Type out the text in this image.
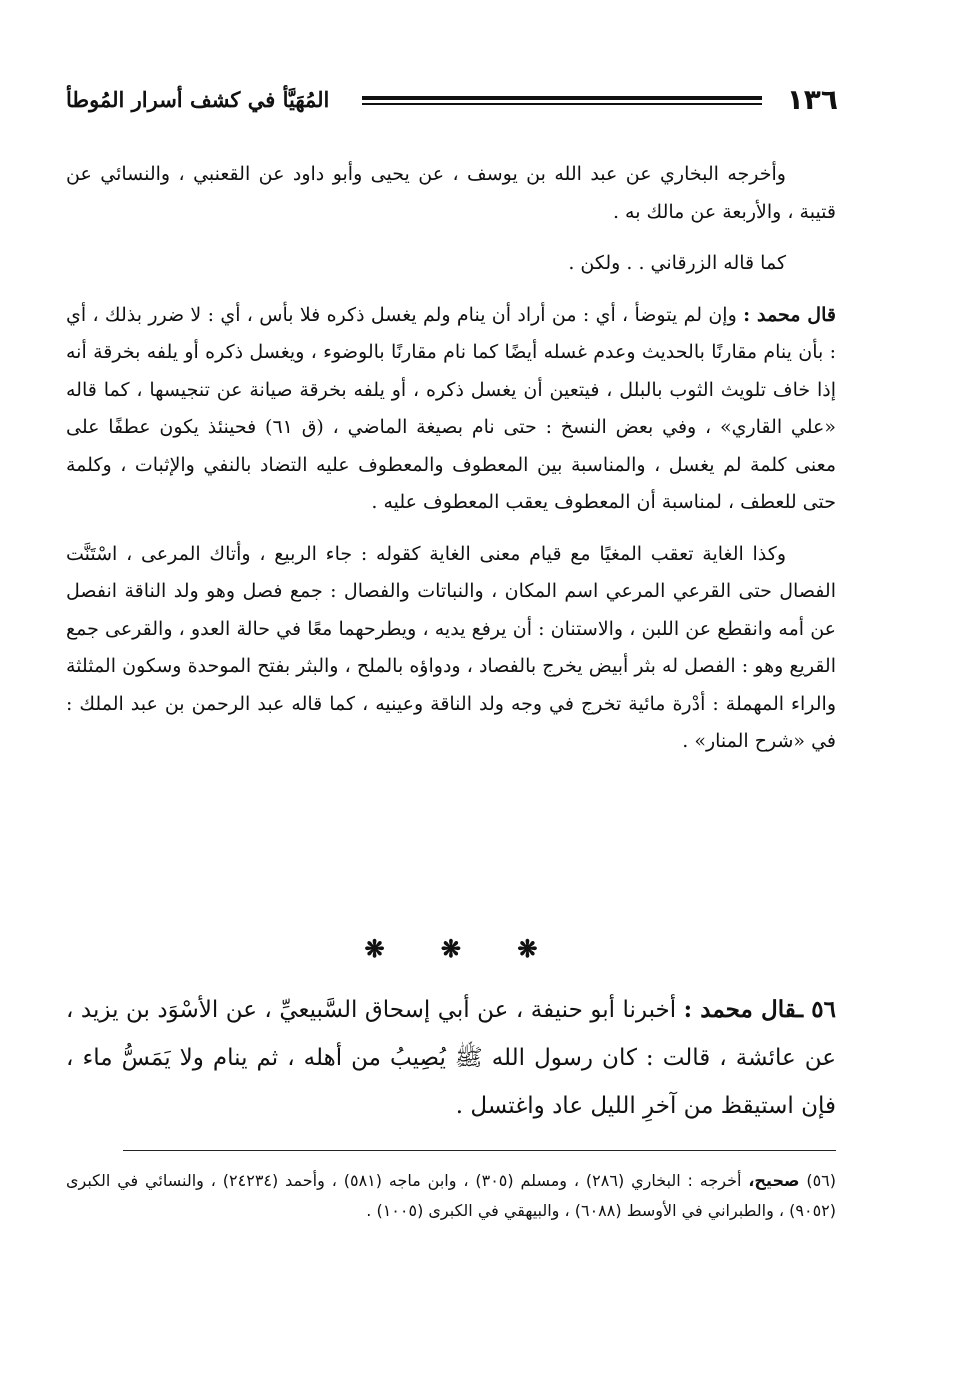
١٣٦
المُهَيَّأ في كشف أسرار المُوطأ

وأخرجه البخاري عن عبد الله بن يوسف ، عن يحيى وأبو داود عن القعنبي ، والنسائي عن قتيبة ، والأربعة عن مالك به .

كما قاله الزرقاني . . ولكن .

قال محمد : وإن لم يتوضأ ، أي : من أراد أن ينام ولم يغسل ذكره فلا بأس ، أي : لا ضرر بذلك ، أي : بأن ينام مقارنًا بالحديث وعدم غسله أيضًا كما نام مقارنًا بالوضوء ، ويغسل ذكره أو يلفه بخرقة أنه إذا خاف تلويث الثوب بالبلل ، فيتعين أن يغسل ذكره ، أو يلفه بخرقة صيانة عن تنجيسها ، كما قاله «علي القاري» ، وفي بعض النسخ : حتى نام بصيغة الماضي ، (ق ٦١) فحينئذ يكون عطفًا على معنى كلمة لم يغسل ، والمناسبة بين المعطوف والمعطوف عليه التضاد بالنفي والإثبات ، وكلمة حتى للعطف ، لمناسبة أن المعطوف يعقب المعطوف عليه .

وكذا الغاية تعقب المغيًا مع قيام معنى الغاية كقوله : جاء الربيع ، وأتاك المرعى ، اسْتَنَّت الفصال حتى القرعي المرعي اسم المكان ، والنباتات والفصال : جمع فصل وهو ولد الناقة انفصل عن أمه وانقطع عن اللبن ، والاستنان : أن يرفع يديه ، ويطرحهما معًا في حالة العدو ، والقرعى جمع القريع وهو : الفصل له بثر أبيض يخرج بالفصاد ، ودواؤه بالملح ، والبثر بفتح الموحدة وسكون المثلثة والراء المهملة : أدْرة مائية تخرج في وجه ولد الناقة وعينيه ، كما قاله عبد الرحمن بن عبد الملك : في «شرح المنار» .

❋ ❋ ❋
٥٦ ـقال محمد : أخبرنا أبو حنيفة ، عن أبي إسحاق السَّبيعيِّ ، عن الأسْوَد بن يزيد ، عن عائشة ، قالت : كان رسول الله ﷺ يُصِيبُ من أهله ، ثم ينام ولا يَمَسُّ ماء ، فإن استيقظ من آخرِ الليل عاد واغتسل .
(٥٦) صحيح، أخرجه : البخاري (٢٨٦) ، ومسلم (٣٠٥) ، وابن ماجه (٥٨١) ، وأحمد (٢٤٢٣٤) ، والنسائي في الكبرى (٩٠٥٢) ، والطبراني في الأوسط (٦٠٨٨) ، والبيهقي في الكبرى (١٠٠٥) .
